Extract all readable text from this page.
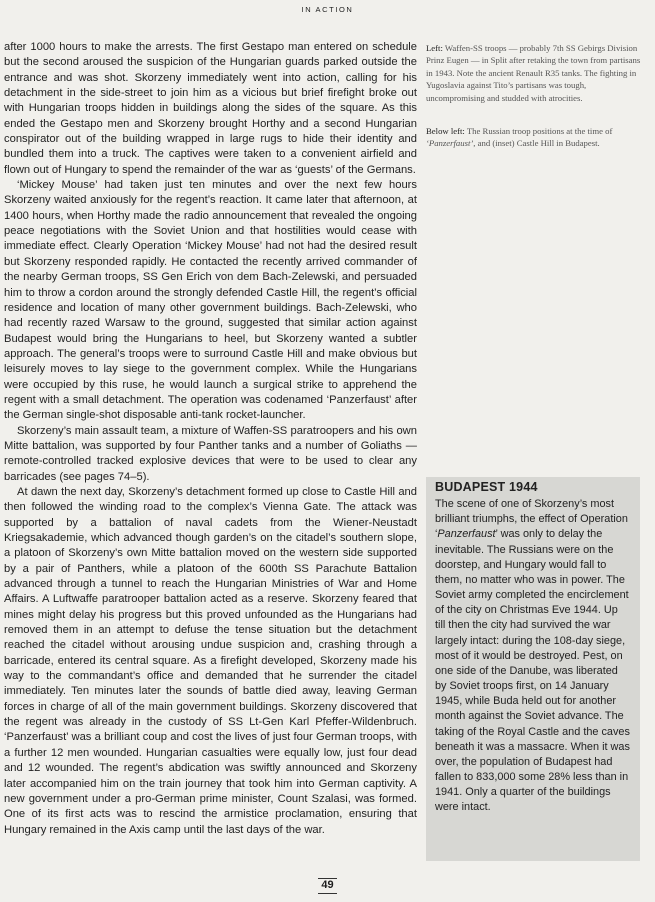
IN ACTION

after 1000 hours to make the arrests. The first Gestapo man entered on schedule but the second aroused the suspicion of the Hungarian guards parked outside the entrance and was shot. Skorzeny immediately went into action, calling for his detachment in the side-street to join him as a vicious but brief firefight broke out with Hungarian troops hidden in buildings along the sides of the square. As this ended the Gestapo men and Skorzeny brought Horthy and a second Hungarian conspirator out of the building wrapped in large rugs to hide their identity and bundled them into a truck. The captives were taken to a convenient airfield and flown out of Hungary to spend the remainder of the war as ‘guests’ of the Germans.

‘Mickey Mouse’ had taken just ten minutes and over the next few hours Skorzeny waited anxiously for the regent’s reaction. It came later that afternoon, at 1400 hours, when Horthy made the radio announcement that revealed the ongoing peace negotiations with the Soviet Union and that hostilities would cease with immediate effect. Clearly Operation ‘Mickey Mouse’ had not had the desired result but Skorzeny responded rapidly. He contacted the recently arrived commander of the nearby German troops, SS Gen Erich von dem Bach-Zelewski, and persuaded him to throw a cordon around the strongly defended Castle Hill, the regent’s official residence and location of many other government buildings. Bach-Zelewski, who had recently razed Warsaw to the ground, suggested that similar action against Budapest would bring the Hungarians to heel, but Skorzeny wanted a subtler approach. The general’s troops were to surround Castle Hill and make obvious but leisurely moves to lay siege to the government complex. While the Hungarians were occupied by this ruse, he would launch a surgical strike to apprehend the regent with a small detachment. The operation was codenamed ‘Panzerfaust’ after the German single-shot disposable anti-tank rocket-launcher.

Skorzeny’s main assault team, a mixture of Waffen-SS paratroopers and his own Mitte battalion, was supported by four Panther tanks and a number of Goliaths — remote-controlled tracked explosive devices that were to be used to clear any barricades (see pages 74–5).

At dawn the next day, Skorzeny’s detachment formed up close to Castle Hill and then followed the winding road to the complex’s Vienna Gate. The attack was supported by a battalion of naval cadets from the Wiener-Neustadt Kriegsakademie, which advanced though garden’s on the citadel’s southern slope, a platoon of Skorzeny’s own Mitte battalion moved on the western side supported by a pair of Panthers, while a platoon of the 600th SS Parachute Battalion advanced through a tunnel to reach the Hungarian Ministries of War and Home Affairs. A Luftwaffe paratrooper battalion acted as a reserve. Skorzeny feared that mines might delay his progress but this proved unfounded as the Hungarians had removed them in an attempt to defuse the tense situation but the detachment reached the citadel without arousing undue suspicion and, crashing through a barricade, entered its central square. As a firefight developed, Skorzeny made his way to the commandant’s office and demanded that he surrender the citadel immediately. Ten minutes later the sounds of battle died away, leaving German forces in charge of all of the main government buildings. Skorzeny discovered that the regent was already in the custody of SS Lt-Gen Karl Pfeffer-Wildenbruch. ‘Panzerfaust’ was a brilliant coup and cost the lives of just four German troops, with a further 12 men wounded. Hungarian casualties were equally low, just four dead and 12 wounded. The regent’s abdication was swiftly announced and Skorzeny later accompanied him on the train journey that took him into German captivity. A new government under a pro-German prime minister, Count Szalasi, was formed. One of its first acts was to rescind the armistice proclamation, ensuring that Hungary remained in the Axis camp until the last days of the war.

Left: Waffen-SS troops — probably 7th SS Gebirgs Division Prinz Eugen — in Split after retaking the town from partisans in 1943. Note the ancient Renault R35 tanks. The fighting in Yugoslavia against Tito’s partisans was tough, uncompromising and studded with atrocities.

Below left: The Russian troop positions at the time of ‘Panzerfaust’, and (inset) Castle Hill in Budapest.

BUDAPEST 1944

The scene of one of Skorzeny’s most brilliant triumphs, the effect of Operation ‘Panzerfaust’ was only to delay the inevitable. The Russians were on the doorstep, and Hungary would fall to them, no matter who was in power. The Soviet army completed the encirclement of the city on Christmas Eve 1944. Up till then the city had survived the war largely intact: during the 108-day siege, most of it would be destroyed. Pest, on one side of the Danube, was liberated by Soviet troops first, on 14 January 1945, while Buda held out for another month against the Soviet advance. The taking of the Royal Castle and the caves beneath it was a massacre. When it was over, the population of Budapest had fallen to 833,000 some 28% less than in 1941. Only a quarter of the buildings were intact.

49
